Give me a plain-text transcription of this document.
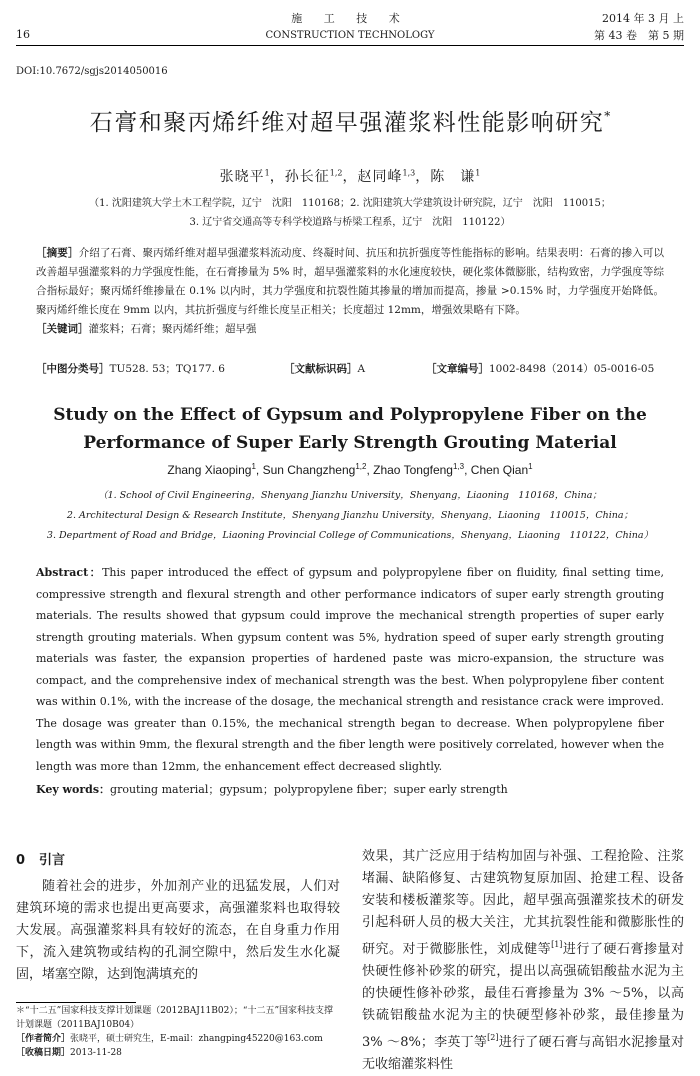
16
施 工 技 术
CONSTRUCTION TECHNOLOGY
2014 年 3 月 上
第 43 卷　第 5 期
DOI:10.7672/sgjs2014050016
石膏和聚丙烯纤维对超早强灌浆料性能影响研究*
张晓平$^1$，孙长征$^{1,2}$，赵同峰$^{1,3}$，陈　谦$^1$
（1. 沈阳建筑大学土木工程学院，辽宁　沈阳　110168；2. 沈阳建筑大学建筑设计研究院，辽宁　沈阳　110015；
3. 辽宁省交通高等专科学校道路与桥梁工程系，辽宁　沈阳　110122）
［摘要］介绍了石膏、聚丙烯纤维对超早强灌浆料流动度、终凝时间、抗压和抗折强度等性能指标的影响。结果表明：石膏的掺入可以改善超早强灌浆料的力学强度性能，在石膏掺量为 5% 时，超早强灌浆料的水化速度较快，硬化浆体微膨胀，结构致密，力学强度等综合指标最好；聚丙烯纤维掺量在 0.1% 以内时，其力学强度和抗裂性随其掺量的增加而提高，掺量 >0.15% 时，力学强度开始降低。聚丙烯纤维长度在 9mm 以内，其抗折强度与纤维长度呈正相关；长度超过 12mm，增强效果略有下降。
［关键词］灌浆料；石膏；聚丙烯纤维；超早强
［中图分类号］TU528. 53；TQ177. 6	［文献标识码］A	［文章编号］1002-8498（2014）05-0016-05
Study on the Effect of Gypsum and Polypropylene Fiber on the
Performance of Super Early Strength Grouting Material
Zhang Xiaoping$^1$, Sun Changzheng$^{1,2}$, Zhao Tongfeng$^{1,3}$, Chen Qian$^1$
（1. School of Civil Engineering，Shenyang Jianzhu University，Shenyang，Liaoning　110168，China；
2. Architectural Design & Research Institute，Shenyang Jianzhu University，Shenyang，Liaoning　110015，China；
3. Department of Road and Bridge，Liaoning Provincial College of Communications，Shenyang，Liaoning　110122，China）
Abstract：This paper introduced the effect of gypsum and polypropylene fiber on fluidity, final setting time, compressive strength and flexural strength and other performance indicators of super early strength grouting materials. The results showed that gypsum could improve the mechanical strength properties of super early strength grouting materials. When gypsum content was 5%, hydration speed of super early strength grouting materials was faster, the expansion properties of hardened paste was micro-expansion, the structure was compact, and the comprehensive index of mechanical strength was the best. When polypropylene fiber content was within 0.1%, with the increase of the dosage, the mechanical strength and resistance crack were improved. The dosage was greater than 0.15%, the mechanical strength began to decrease. When polypropylene fiber length was within 9mm, the flexural strength and the fiber length were positively correlated, however when the length was more than 12mm, the enhancement effect decreased slightly.
Key words：grouting material；gypsum；polypropylene fiber；super early strength
0 引言

随着社会的进步，外加剂产业的迅猛发展，人们对建筑环境的需求也提出更高要求，高强灌浆料也取得较大发展。高强灌浆料具有较好的流态，在自身重力作用下，流入建筑物或结构的孔洞空隙中，然后发生水化凝固，堵塞空隙，达到饱满填充的

效果，其广泛应用于结构加固与补强、工程抢险、注浆堵漏、缺陷修复、古建筑物复原加固、抢建工程、设备安装和楼板灌浆等。因此，超早强高强灌浆技术的研发引起科研人员的极大关注，尤其抗裂性能和微膨胀性的研究。对于微膨胀性，刘成健等[1]进行了硬石膏掺量对快硬性修补砂浆的研究，提出以高强硫铝酸盐水泥为主的快硬性修补砂浆，最佳石膏掺量为 3% ～5%，以高铁硫铝酸盐水泥为主的快硬型修补砂浆，最佳掺量为 3% ～8%；李英丁等[2]进行了硬石膏与高铝水泥掺量对无收缩灌浆料性

＊“十二五”国家科技支撑计划课题（2012BAJ11B02）；“十二五”国家科技支撑计划课题（2011BAJ10B04）
［作者简介］张晓平，硕士研究生，E-mail：zhangping45220@163.com
［收稿日期］2013-11-28
